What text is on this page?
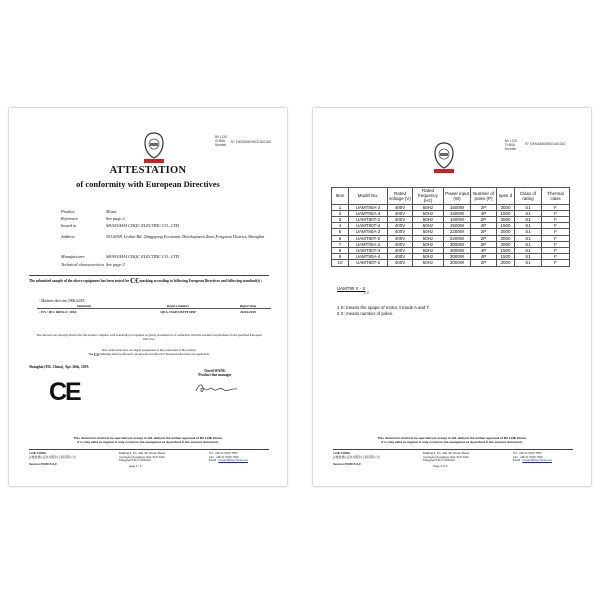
BV LCIE
CHINA
Number
N° 19004A5049CEA01342
ATTESTATION
of conformity with European Directives
Product	Motor
Reference	See page 2
Issued to	SHANGHAI CDQC ELECTRIC CO., LTD
Address	NO.6958, Lexhui Rd. Qingpgong Economic Development Zone,Fengxian District, Shanghai
Manufacturer	SHANGHAI CDQC ELECTRIC CO., LTD
Technical characteristics See page 2
The submitted sample of the above equipment has been tested for C€ marking according to following European Directives and following standard(s) :
- Machine directive 2006/42/EC
Standards	Report number	Report date
- EN / IEC 60034-1: 2010	QEA-19AP2453TTSHP	26/04/2019
The relevant test report(s) shows that the product complies with standard(s) recognized as giving presumption of conformity with the essential requirements in the specified European Directive
This verification does not imply assessment of the production of the product.
The C€ Marking must be affixed if all relevant and effective European Directives are applicable.
Shanghai (P.R. China), Apr. 26th, 2019.
David WANG
Product line manager
CE
This document shall not be reproduced, except in full, without the written approval of BV LCIE China.
It is only valid in original. It only concerns the equipment as described in the present document.
LCIE CHINA
必维检测认证技术服务(上海)有限公司

Version 05/2015.0.9
Building 4, No. 418, Xin Zhuan Road,
Caohejing Songjiang High-Tech Park,
Shanghai P.R.C (201612)
Tel : +86 21 6195 7500
Fax : +86 21 6195 7520
Email : contact@lcie-china.com
page 1 / 2
BV LCIE
CHINA
Number
N° 19004A5049CEA01342
Item	Model No.	Rated voltage (V)	Rated frequency (Hz)	Power input (W)	Number of poles (P)	spee d	Class of rating	Thermal class
1	UAMT80A-2	400V	50Hz	1500W	2P	3000	S1	F
2	UAMT80A-4	400V	50Hz	1500W	4P	1500	S1	F
3	UAMT80T-2	400V	50Hz	1500W	2P	3000	S1	F
4	UAMT80T-4	400V	50Hz	1500W	4P	1500	S1	F
5	UAMT80A-2	400V	50Hz	2200W	2P	3000	S1	F
6	UAMT80T-2	400V	50Hz	2200W	2P	3000	S1	F
7	UAMT80A-2	400V	50Hz	3000W	2P	3000	S1	F
8	UAMT80T-4	400V	50Hz	3000W	4P	1500	S1	F
9	UAMT80A-4	400V	50Hz	3000W	4P	1500	S1	F
10	UAMT80T-2	400V	50Hz	3000W	2P	3000	S1	F
UAMT80 X - X
1 2
1 X: means the spape of motor, include A and T.
2 X: means number of poles.
This document shall not be reproduced, except in full, without the written approval of BV LCIE China.
It is only valid in original. It only concerns the equipment as described in the present document.
LCIE CHINA
必维检测认证技术服务(上海)有限公司

Version 05/2015.0.9
Building 4, No. 418, Xin Zhuan Road,
Caohejing Songjiang High-Tech Park,
Shanghai P.R.C (201612)
Tel : +86 21 6195 7500
Fax : +86 21 6195 7520
Email : contact@lcie-china.com
Page 2 of 2
